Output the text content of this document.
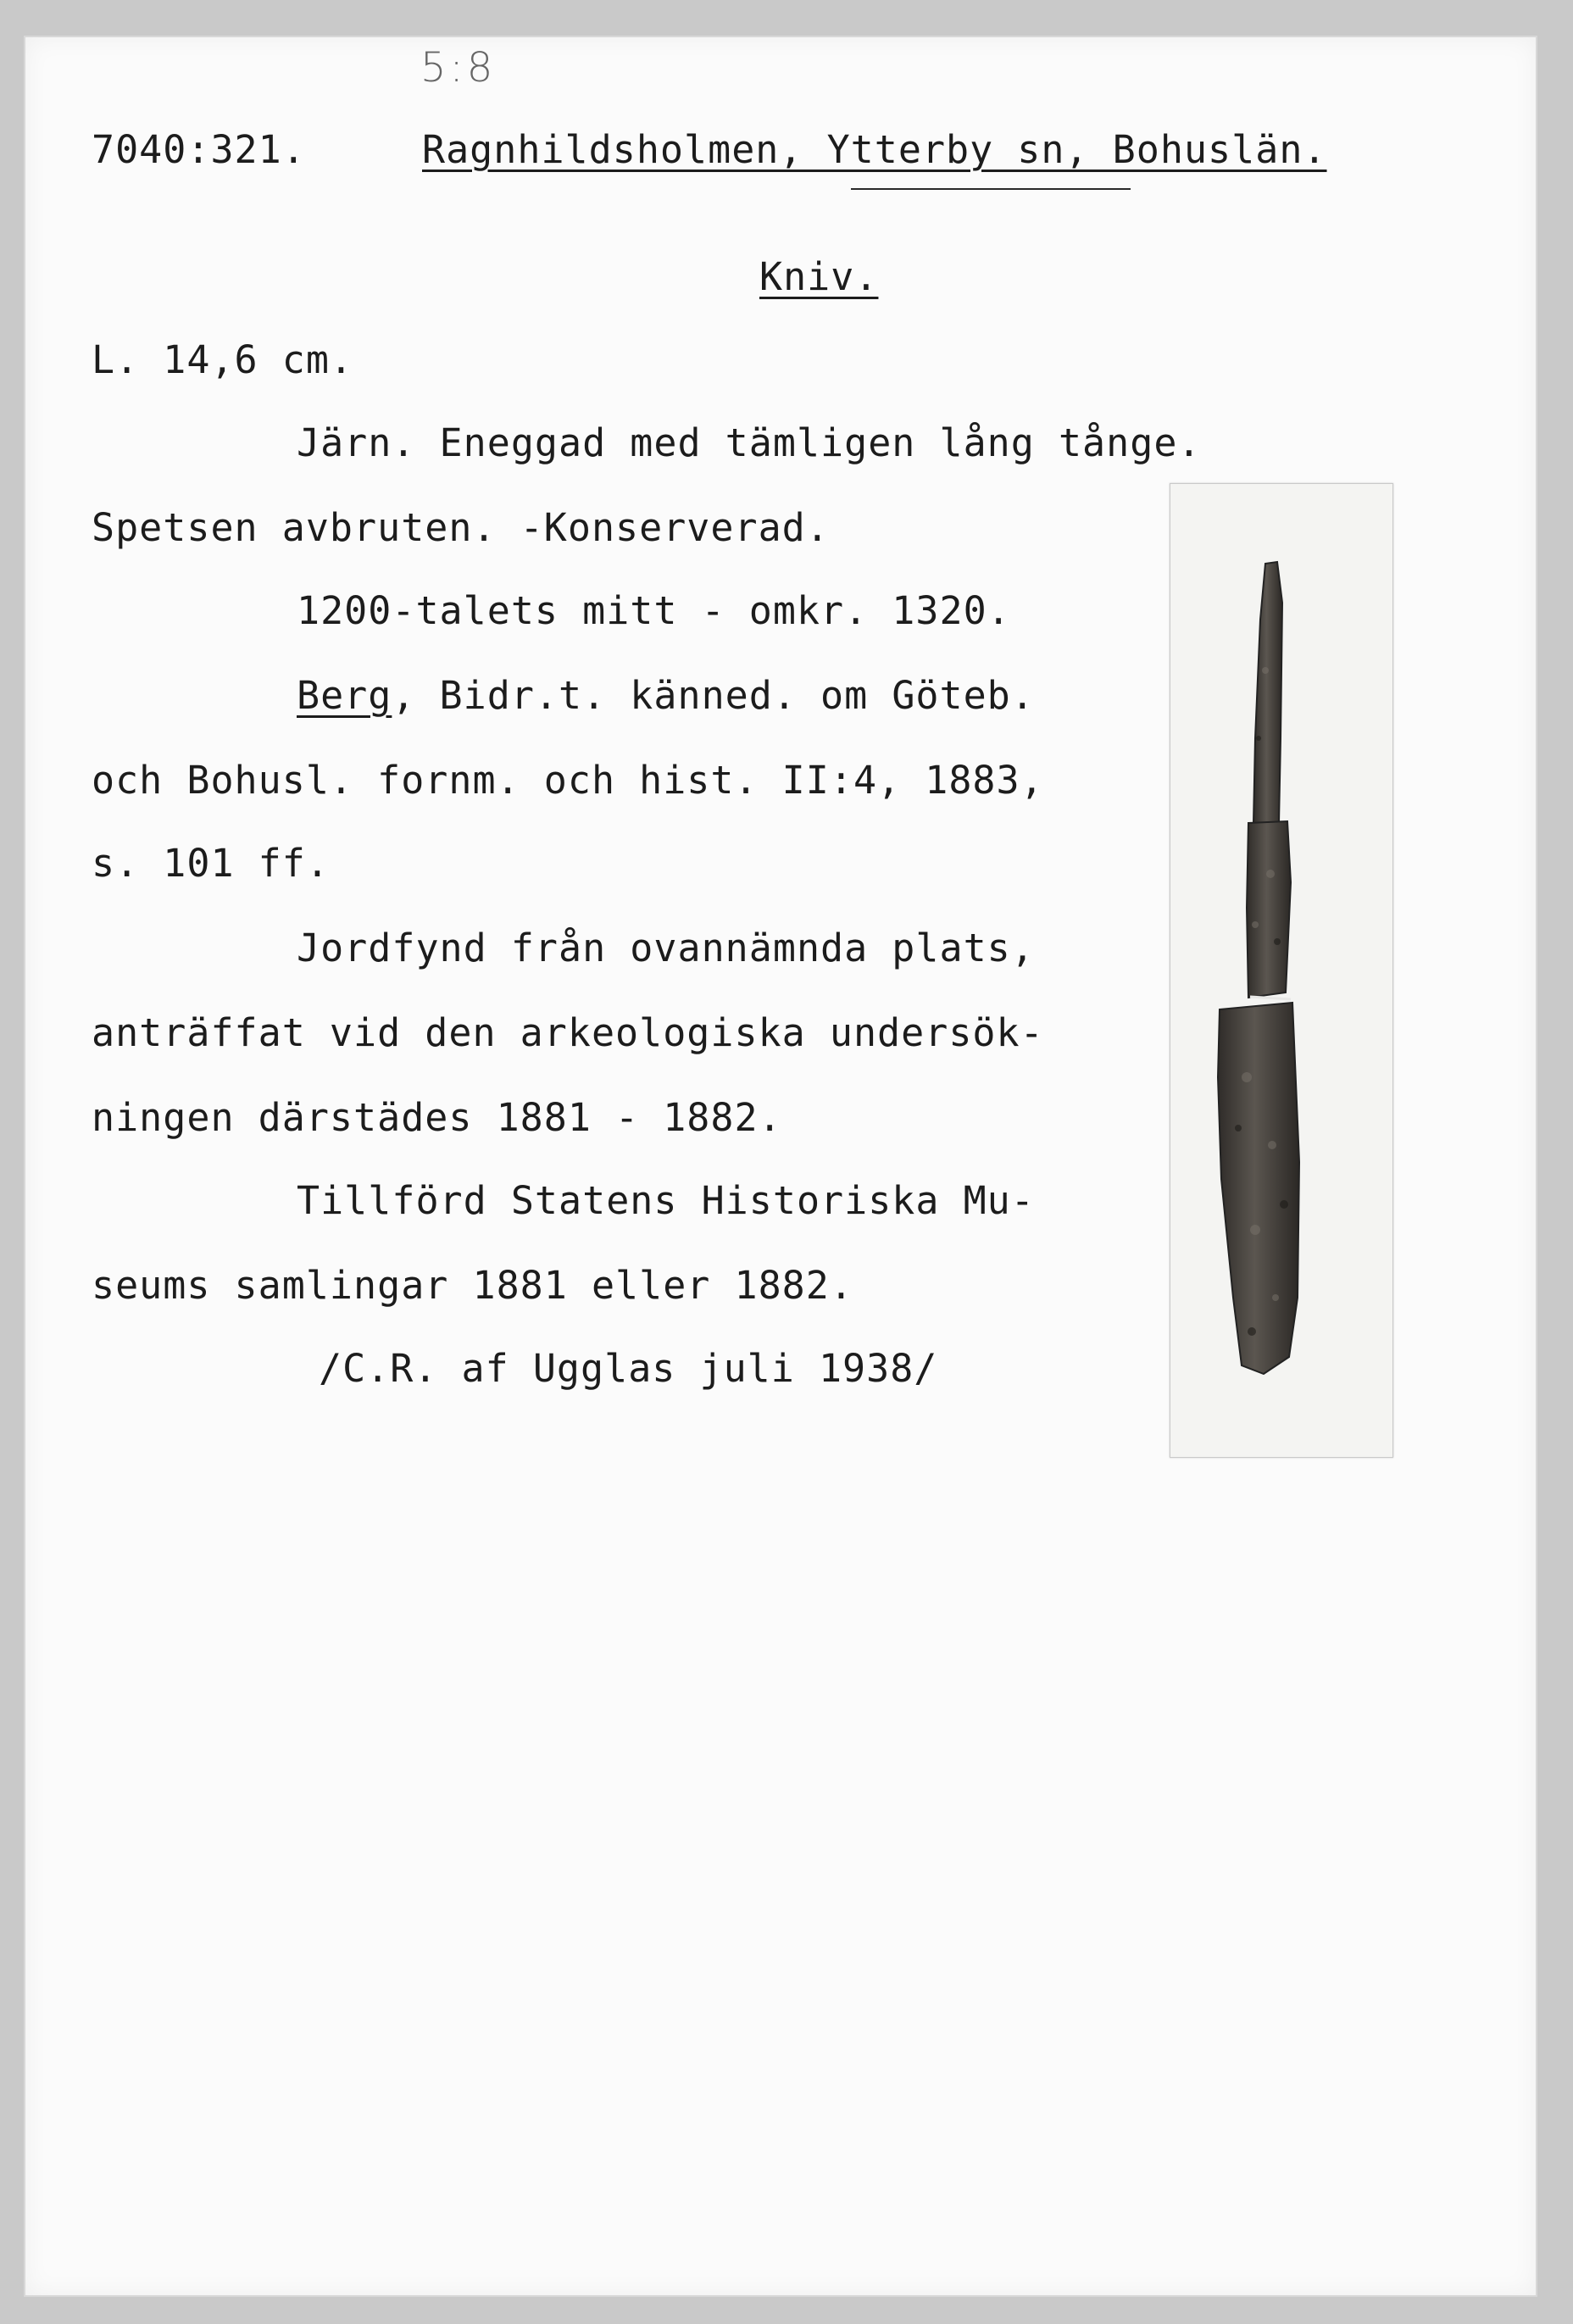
5:8
7040:321.	Ragnhildsholmen, Ytterby sn, Bohuslän.
Kniv.
L. 14,6 cm.
Järn. Eneggad med tämligen lång tånge.
Spetsen avbruten. -Konserverad.
1200-talets mitt - omkr. 1320.
Berg, Bidr.t. känned. om Göteb.
och Bohusl. fornm. och hist. II:4, 1883,
s. 101 ff.
Jordfynd från ovannämnda plats,
anträffat vid den arkeologiska undersök-
ningen därstädes 1881 - 1882.
Tillförd Statens Historiska Mu-
seums samlingar 1881 eller 1882.
/C.R. af Ugglas juli 1938/
